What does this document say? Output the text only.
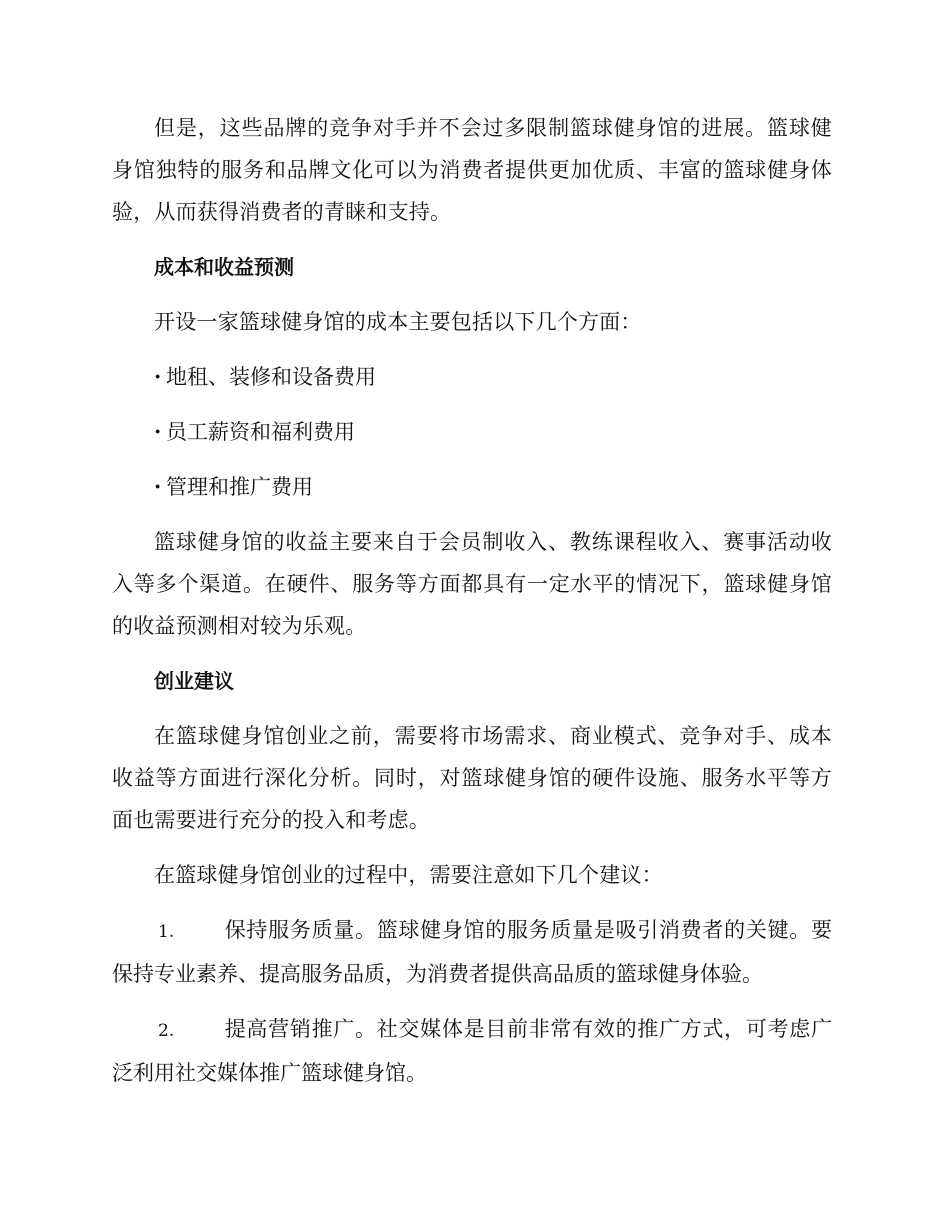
但是，这些品牌的竞争对手并不会过多限制篮球健身馆的进展。篮球健身馆独特的服务和品牌文化可以为消费者提供更加优质、丰富的篮球健身体验，从而获得消费者的青睐和支持。

成本和收益预测

开设一家篮球健身馆的成本主要包括以下几个方面：

· 地租、装修和设备费用
· 员工薪资和福利费用
· 管理和推广费用

篮球健身馆的收益主要来自于会员制收入、教练课程收入、赛事活动收入等多个渠道。在硬件、服务等方面都具有一定水平的情况下，篮球健身馆的收益预测相对较为乐观。

创业建议

在篮球健身馆创业之前，需要将市场需求、商业模式、竞争对手、成本收益等方面进行深化分析。同时，对篮球健身馆的硬件设施、服务水平等方面也需要进行充分的投入和考虑。

在篮球健身馆创业的过程中，需要注意如下几个建议：

1. 保持服务质量。篮球健身馆的服务质量是吸引消费者的关键。要保持专业素养、提高服务品质，为消费者提供高品质的篮球健身体验。

2. 提高营销推广。社交媒体是目前非常有效的推广方式，可考虑广泛利用社交媒体推广篮球健身馆。
